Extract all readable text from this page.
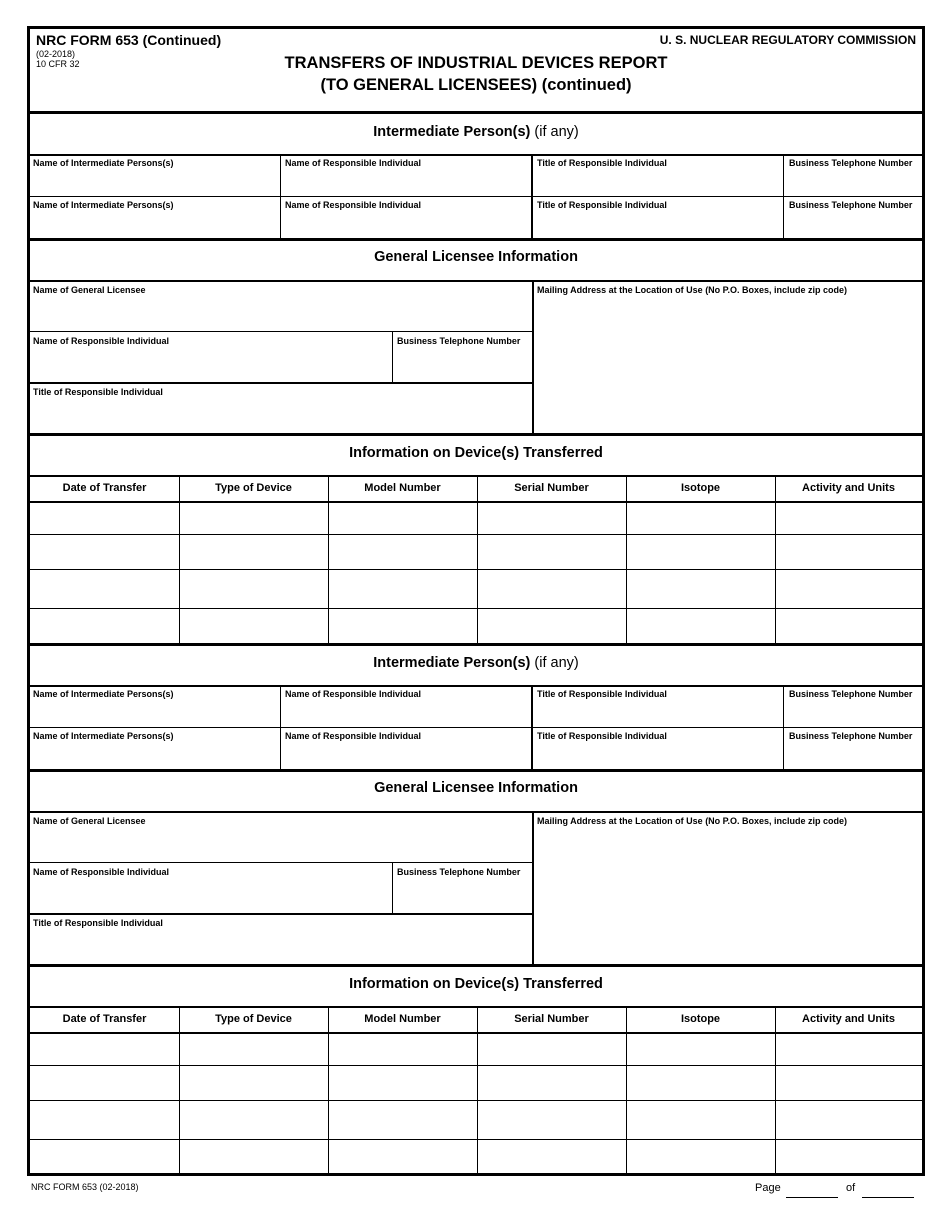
NRC FORM 653 (Continued)
(02-2018)
10 CFR 32
U. S. NUCLEAR REGULATORY COMMISSION
TRANSFERS OF INDUSTRIAL DEVICES REPORT
(TO GENERAL LICENSEES) (continued)
Intermediate Person(s) (if any)
Name of Intermediate Persons(s)	Name of Responsible Individual	Title of Responsible Individual	Business Telephone Number
Name of Intermediate Persons(s)	Name of Responsible Individual	Title of Responsible Individual	Business Telephone Number
General Licensee Information
Name of General Licensee	Mailing Address at the Location of Use (No P.O. Boxes, include zip code)
Name of Responsible Individual	Business Telephone Number
Title of Responsible Individual
Information on Device(s) Transferred
Date of Transfer	Type of Device	Model Number	Serial Number	Isotope	Activity and Units
Intermediate Person(s) (if any)
Name of Intermediate Persons(s)	Name of Responsible Individual	Title of Responsible Individual	Business Telephone Number
Name of Intermediate Persons(s)	Name of Responsible Individual	Title of Responsible Individual	Business Telephone Number
General Licensee Information
Name of General Licensee	Mailing Address at the Location of Use (No P.O. Boxes, include zip code)
Name of Responsible Individual	Business Telephone Number
Title of Responsible Individual
Information on Device(s) Transferred
Date of Transfer	Type of Device	Model Number	Serial Number	Isotope	Activity and Units
NRC FORM 653 (02-2018)	Page	of
